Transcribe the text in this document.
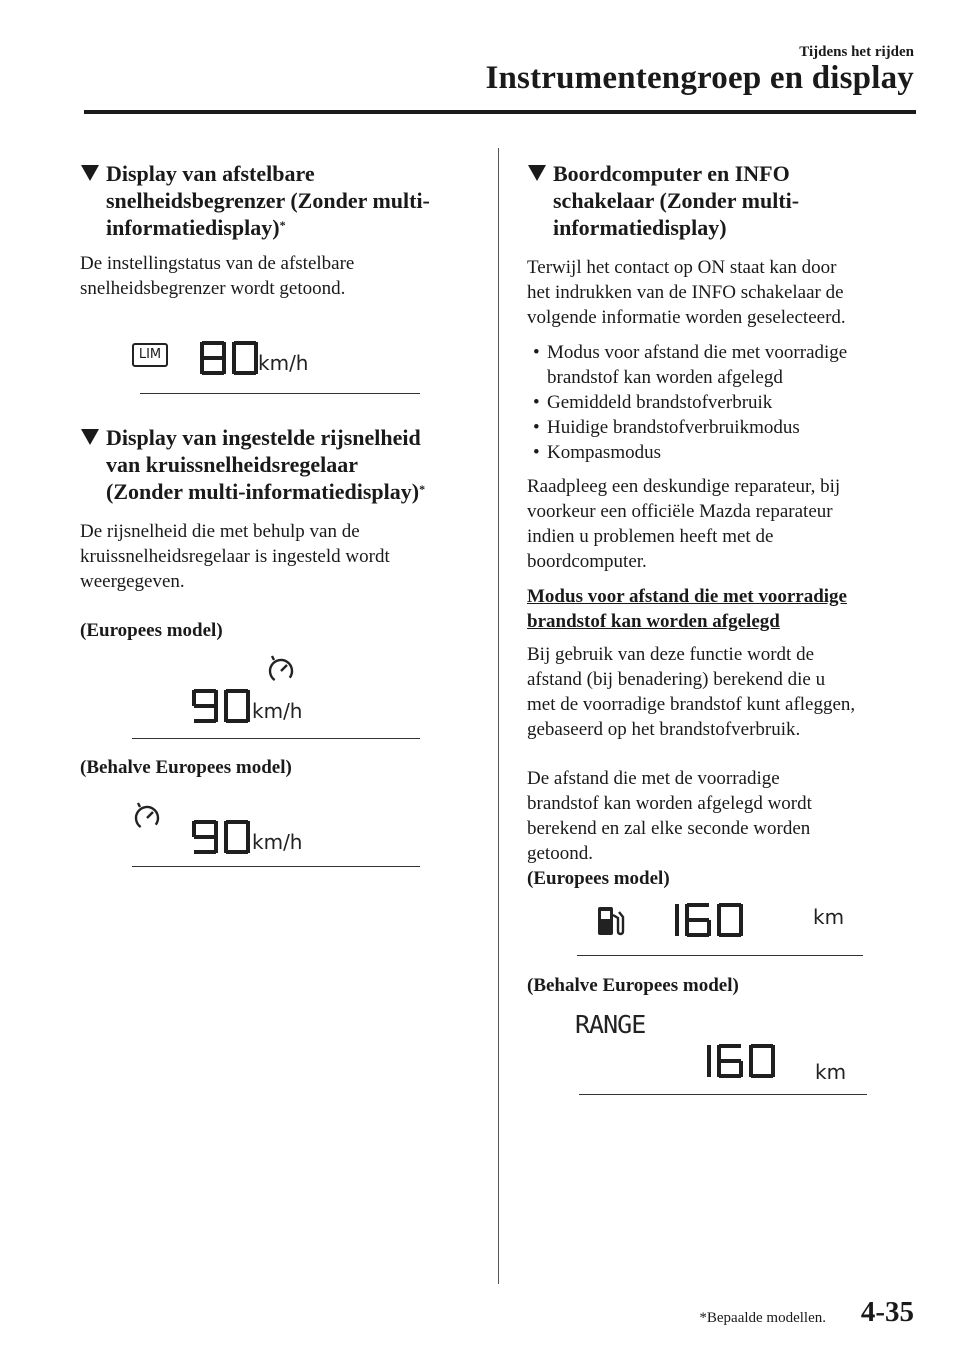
Tijdens het rijden
Instrumentengroep en display
Display van afstelbare
snelheidsbegrenzer (Zonder multi-
informatiedisplay)*

De instellingstatus van de afstelbare
snelheidsbegrenzer wordt getoond.

LIM	km/h
Display van ingestelde rijsnelheid
van kruissnelheidsregelaar
(Zonder multi-informatiedisplay)*

De rijsnelheid die met behulp van de
kruissnelheidsregelaar is ingesteld wordt
weergegeven.

(Europees model)
km/h
(Behalve Europees model)
km/h
Boordcomputer en INFO
schakelaar (Zonder multi-
informatiedisplay)

Terwijl het contact op ON staat kan door
het indrukken van de INFO schakelaar de
volgende informatie worden geselecteerd.

• Modus voor afstand die met voorradige
brandstof kan worden afgelegd
• Gemiddeld brandstofverbruik
• Huidige brandstofverbruikmodus
• Kompasmodus

Raadpleeg een deskundige reparateur, bij
voorkeur een officiële Mazda reparateur
indien u problemen heeft met de
boordcomputer.

Modus voor afstand die met voorradige
brandstof kan worden afgelegd

Bij gebruik van deze functie wordt de
afstand (bij benadering) berekend die u
met de voorradige brandstof kunt afleggen,
gebaseerd op het brandstofverbruik.

De afstand die met de voorradige
brandstof kan worden afgelegd wordt
berekend en zal elke seconde worden
getoond.

(Europees model)
km
(Behalve Europees model)
RANGE
km
*Bepaalde modellen. 4-35
